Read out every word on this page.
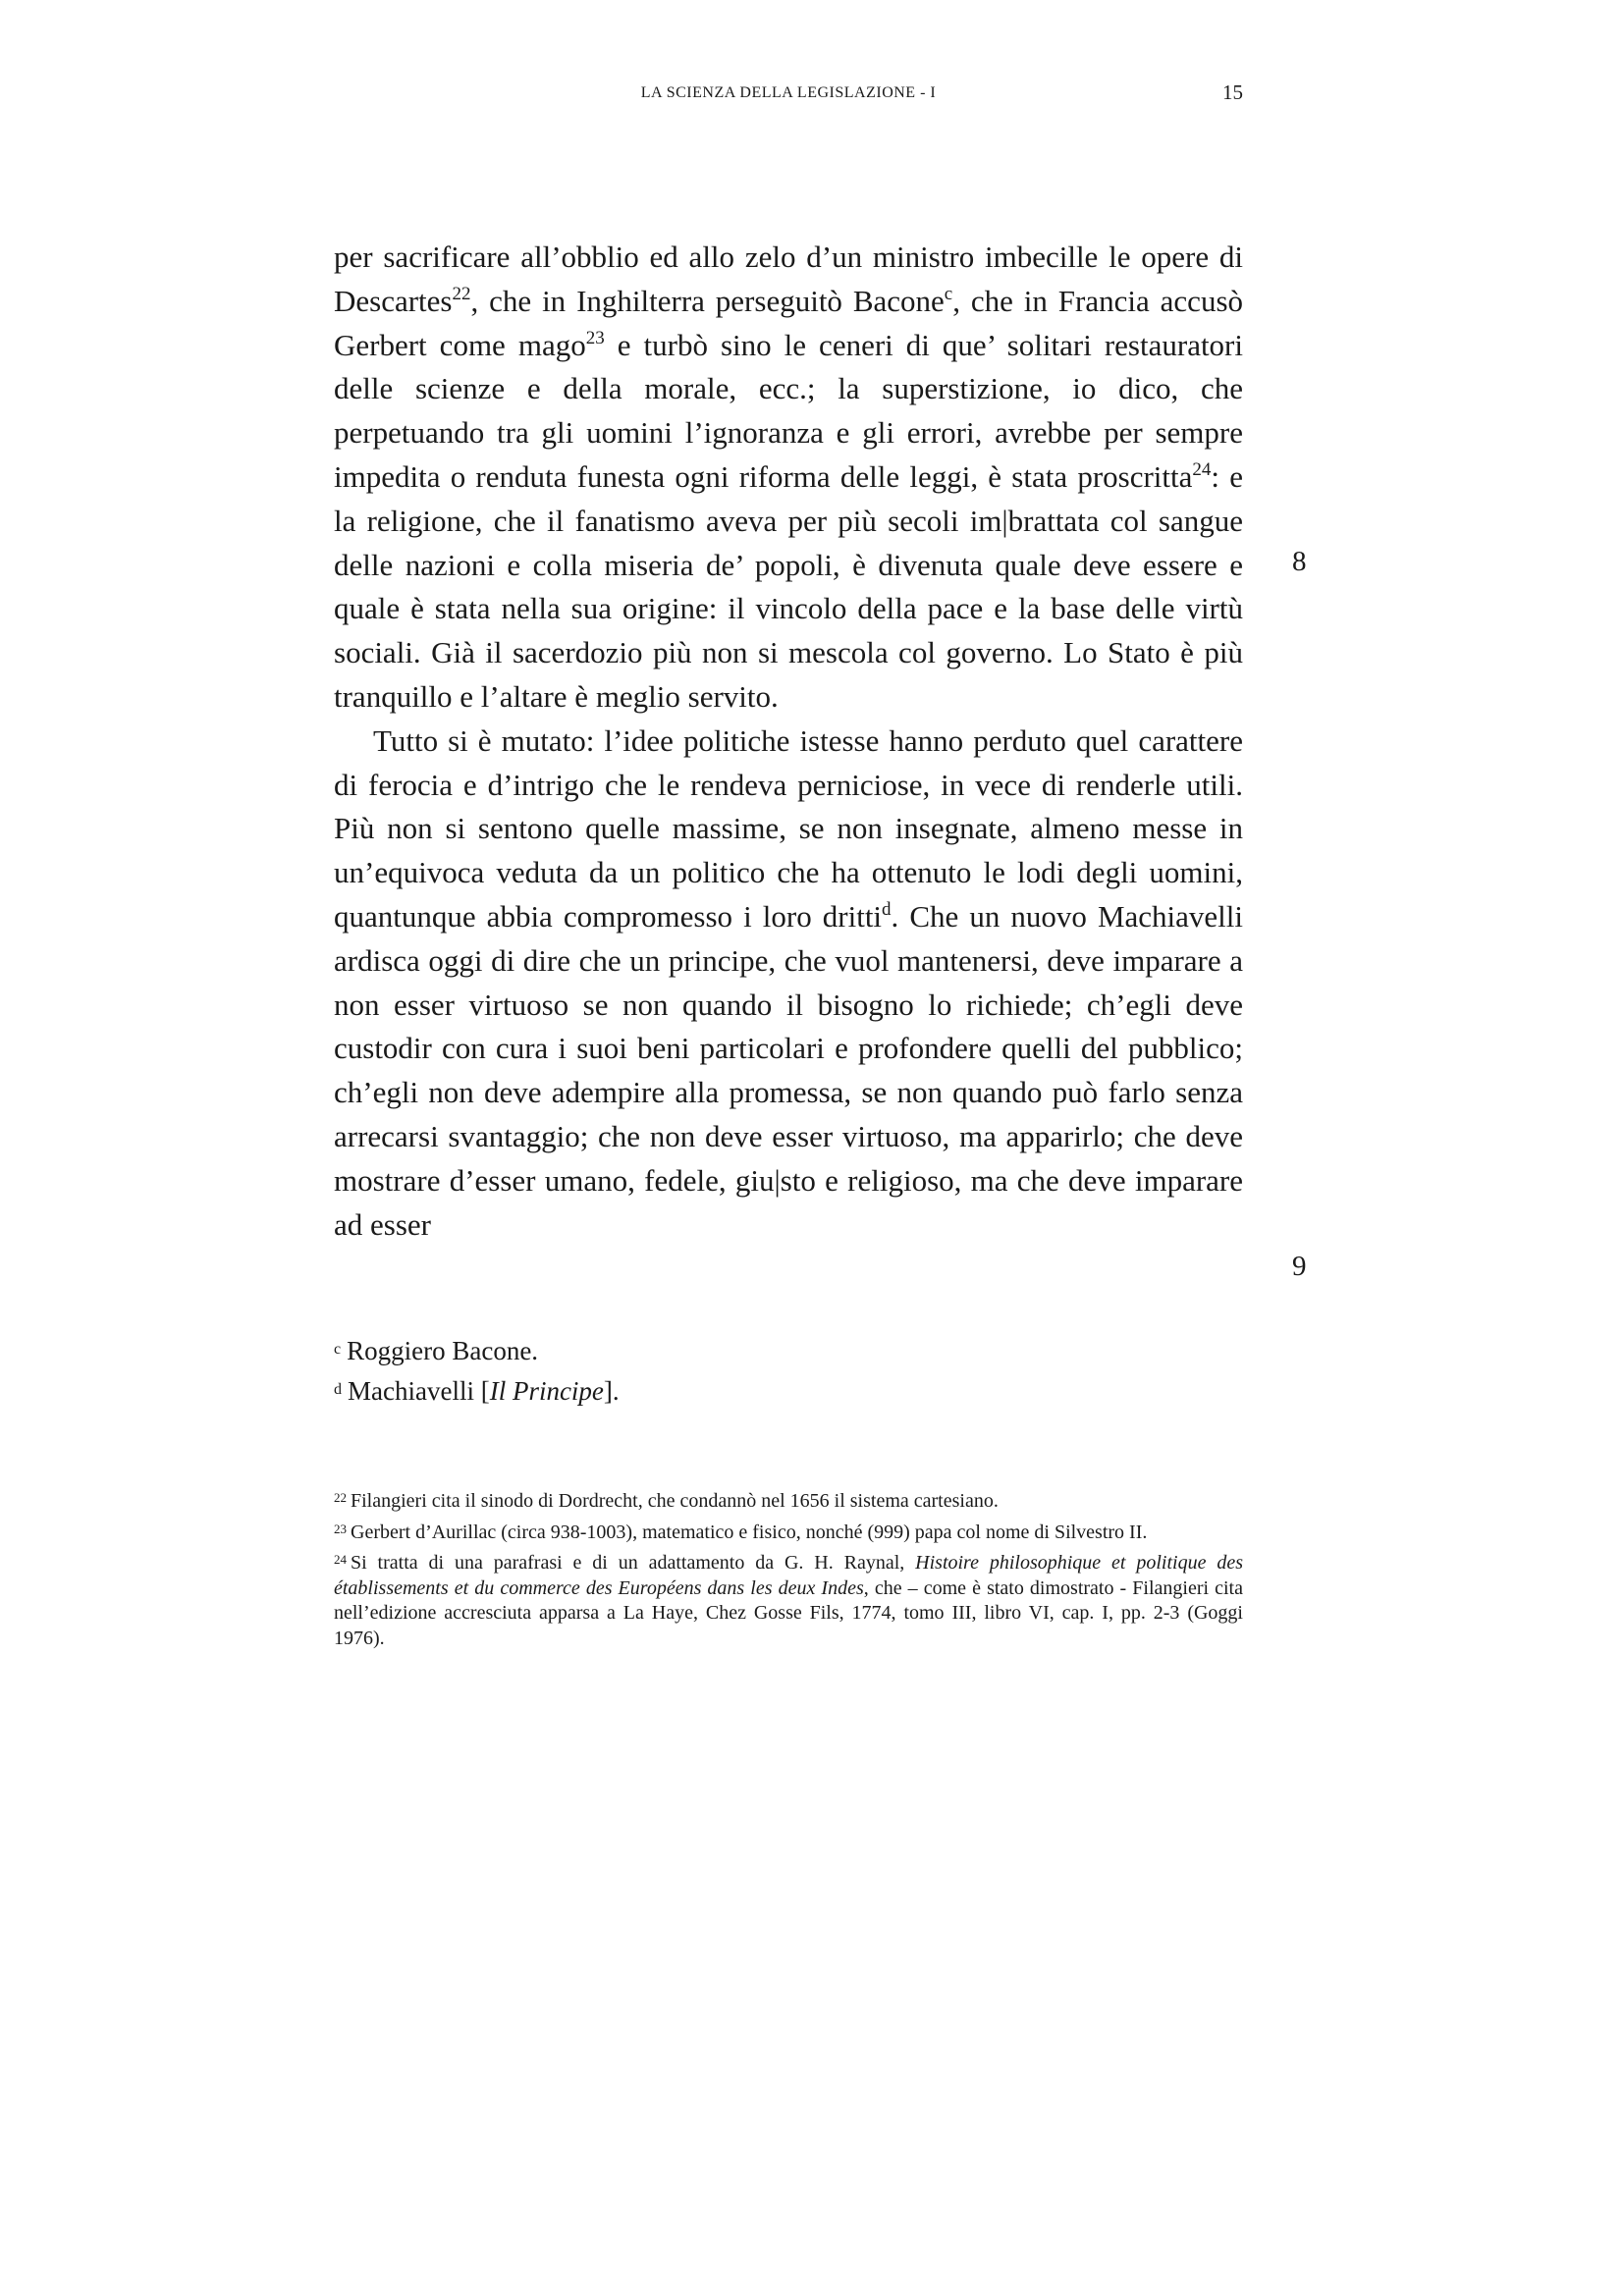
LA SCIENZA DELLA LEGISLAZIONE - I	15

per sacrificare all’obblio ed allo zelo d’un ministro imbecille le opere di Descartes$^{22}$, che in Inghilterra perseguitò Bacone$^c$, che in Francia accusò Gerbert come mago$^{23}$ e turbò sino le ceneri di que’ solitari restauratori delle scienze e della morale, ecc.; la superstizione, io dico, che perpetuando tra gli uomini l’ignoranza e gli errori, avrebbe per sempre impedita o renduta funesta ogni riforma delle leggi, è stata proscritta$^{24}$: e la religione, che il fanatismo aveva per più secoli im|brattata col sangue delle nazioni e colla miseria de’ popoli, è divenuta quale deve essere e quale è stata nella sua origine: il vincolo della pace e la base delle virtù sociali. Già il sacerdozio più non si mescola col governo. Lo Stato è più tranquillo e l’altare è meglio servito.

Tutto si è mutato: l’idee politiche istesse hanno perduto quel carattere di ferocia e d’intrigo che le rendeva perniciose, in vece di renderle utili. Più non si sentono quelle massime, se non insegnate, almeno messe in un’equivoca veduta da un politico che ha ottenuto le lodi degli uomini, quantunque abbia compromesso i loro dritti$^d$. Che un nuovo Machiavelli ardisca oggi di dire che un principe, che vuol mantenersi, deve imparare a non esser virtuoso se non quando il bisogno lo richiede; ch’egli deve custodir con cura i suoi beni particolari e profondere quelli del pubblico; ch’egli non deve adempire alla promessa, se non quando può farlo senza arrecarsi svantaggio; che non deve esser virtuoso, ma apparirlo; che deve mostrare d’esser umano, fedele, giu|sto e religioso, ma che deve imparare ad esser

8
9
$^c$ Roggiero Bacone.
$^d$ Machiavelli [Il Principe].

$^{22}$ Filangieri cita il sinodo di Dordrecht, che condannò nel 1656 il sistema cartesiano.

$^{23}$ Gerbert d’Aurillac (circa 938-1003), matematico e fisico, nonché (999) papa col nome di Silvestro II.

$^{24}$ Si tratta di una parafrasi e di un adattamento da G. H. Raynal, Histoire philosophique et politique des établissements et du commerce des Européens dans les deux Indes, che – come è stato dimostrato - Filangieri cita nell’edizione accresciuta apparsa a La Haye, Chez Gosse Fils, 1774, tomo III, libro VI, cap. I, pp. 2-3 (Goggi 1976).
